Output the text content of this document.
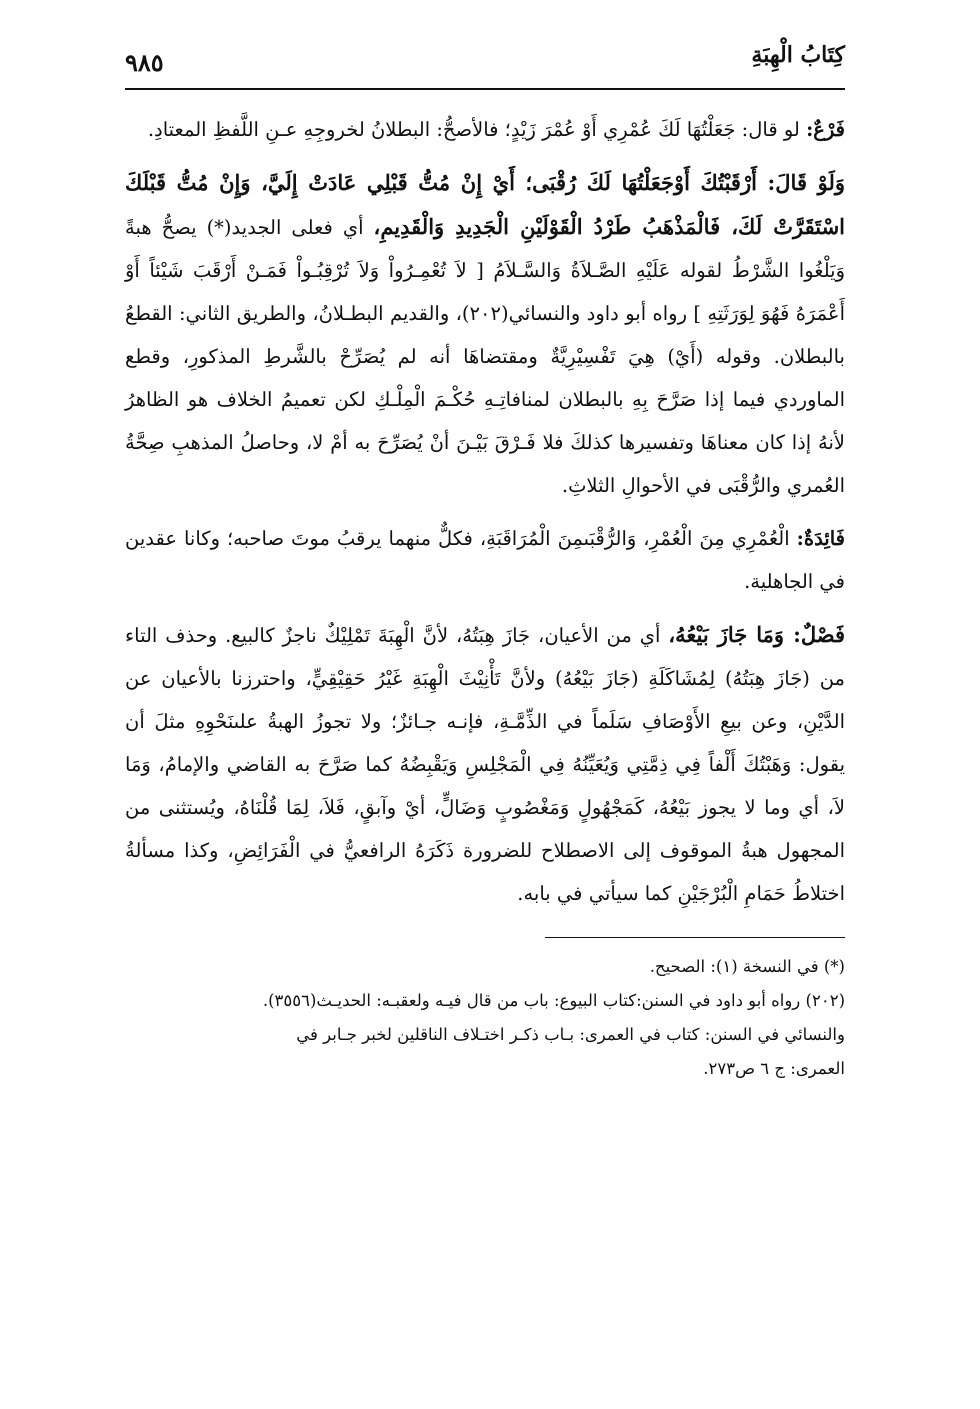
كِتَابُ الْهِبَةِ
٩٨٥

فَرْعٌ: لو قال: جَعَلْتُهَا لَكَ عُمْرِي أَوْ عُمْرَ زَيْدٍ؛ فالأصحُّ: البطلانُ لخروجِهِ عـنِ اللَّفظِ المعتادِ.

وَلَوْ قَالَ: أَرْقَبْتُكَ أَوْجَعَلْتُهَا لَكَ رُقْبَى؛ أَيْ إِنْ مُتُّ قَبْلِي عَادَتْ إِلَيَّ، وَإِنْ مُتُّ قَبْلَكَ اسْتَقَرَّتْ لَكَ، فَالْمَذْهَبُ طَرْدُ الْقَوْلَيْنِ الْجَدِيدِ وَالْقَدِيمِ، أي فعلى الجديد(*) يصحُّ هبةً وَيَلْغُوا الشَّرْطُ لقوله عَلَيْهِ الصَّـلاَةُ وَالسَّـلاَمُ [ لاَ تُعْمِـرُواْ وَلاَ تُرْقِبُـواْ فَمَـنْ أَرْقَبَ شَيْئاً أَوْ أَعْمَرَهُ فَهُوَ لِوَرَثَتِهِ ] رواه أبو داود والنسائي(٢٠٢)، والقديم البطـلانُ، والطريق الثاني: القطعُ بالبطلان. وقوله (أَيْ) هِيَ تَفْسِيْرِيَّةٌ ومقتضاهَا أنه لم يُصَرِّحْ بالشَّرطِ المذكورِ، وقطع الماوردي فيما إذا صَرَّحَ بِهِ بالبطلان لمنافاتِـهِ حُكْـمَ الْمِلْـكِ لكن تعميمُ الخلاف هو الظاهرُ لأنهُ إذا كان معناهَا وتفسيرها كذلكَ فلا فَـرْقَ بَيْـنَ أنْ يُصَرِّحَ به أمْ لا، وحاصلُ المذهبِ صِحَّةُ العُمري والرُّقْبَى في الأحوالِ الثلاثِ.

فَائِدَةٌ: الْعُمْرِي مِنَ الْعُمْرِ، وَالرُّقْبَىمِنَ الْمُرَاقَبَةِ، فكلٌّ منهما يرقبُ موتَ صاحبه؛ وكانا عقدين في الجاهلية.

فَصْلٌ: وَمَا جَازَ بَيْعُهُ، أي من الأعيان، جَازَ هِبَتُهُ، لأنَّ الْهِبَةَ تَمْلِيْكٌ ناجزٌ كالبيع. وحذف التاء من (جَازَ هِبَتُهُ) لِمُشَاكَلَةِ (جَازَ بَيْعُهُ) ولأنَّ تَأْنِيْثَ الْهِبَةِ غَيْرُ حَقِيْقِيٍّ، واحترزنا بالأعيان عن الدَّيْنِ، وعن بيعِ الأَوْصَافِ سَلَماً في الذِّمَّـةِ، فإنـه جـائزٌ؛ ولا تجوزُ الهبةُ علىنَحْوِهِ مثلَ أن يقول: وَهَبْتُكَ أَلْفاً فِي ذِمَّتِي وَيُعَيِّنُهُ فِي الْمَجْلِسِ وَيَقْبِضُهُ كما صَرَّحَ به القاضي والإمامُ، وَمَا لاَ، أي وما لا يجوز بَيْعُهُ، كَمَجْهُولٍ وَمَغْصُوبٍ وَضَالٍّ، أيْ وآبقٍ، فَلاَ، لِمَا قُلْنَاهُ، ويُستثنى من المجهول هبةُ الموقوف إلى الاصطلاح للضرورة ذَكَرَهُ الرافعيُّ في الْفَرَائِضِ، وكذا مسألةُ اختلاطُ حَمَامِ الْبُرْجَيْنِ كما سيأتي في بابه.

(*) في النسخة (١): الصحيح.

(٢٠٢) رواه أبو داود في السنن:كتاب البيوع: باب من قال فيـه ولعقبـه: الحديـث(٣٥٥٦).

والنسائي في السنن: كتاب في العمرى: بـاب ذكـر اختـلاف الناقلين لخبر جـابر في

العمرى: ج ٦ ص٢٧٣.
